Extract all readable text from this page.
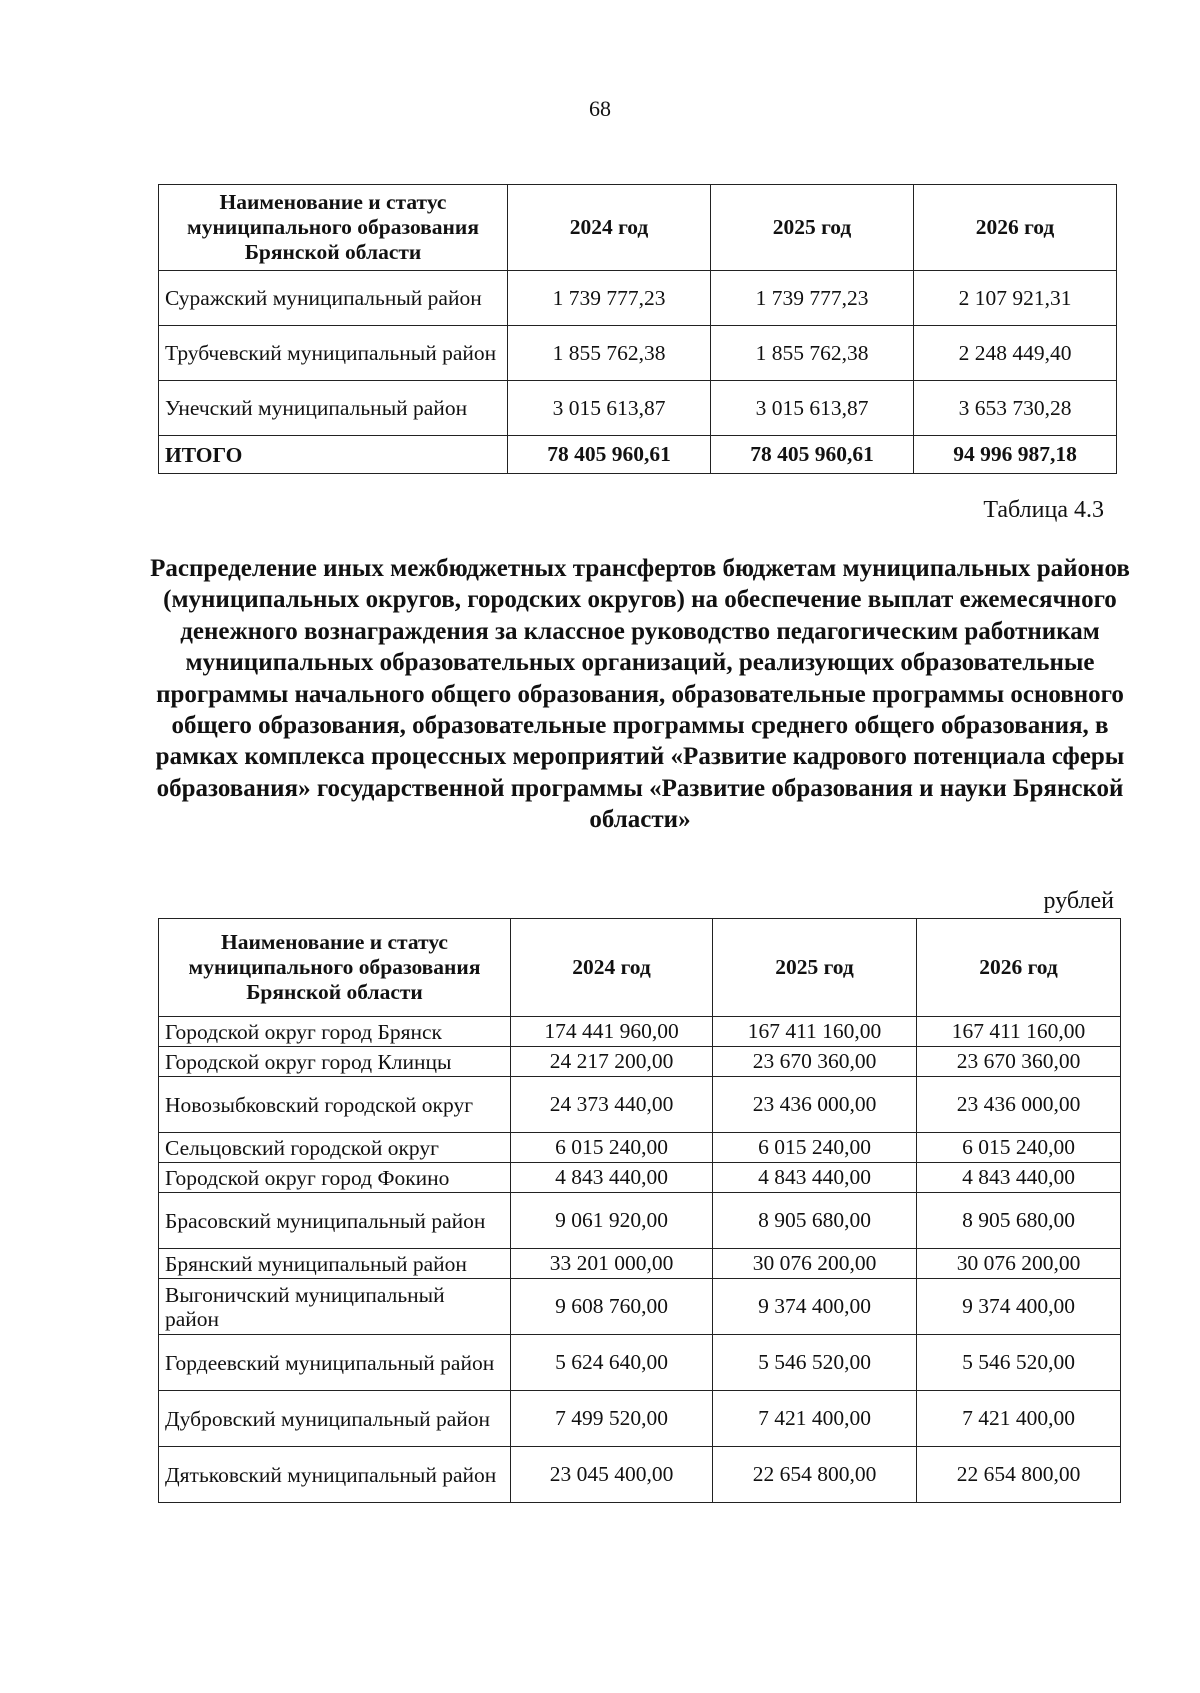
68
Наименование и статус муниципального образования Брянской области	2024 год	2025 год	2026 год
Суражский муниципальный район	1 739 777,23	1 739 777,23	2 107 921,31
Трубчевский муниципальный район	1 855 762,38	1 855 762,38	2 248 449,40
Унечский муниципальный район	3 015 613,87	3 015 613,87	3 653 730,28
ИТОГО	78 405 960,61	78 405 960,61	94 996 987,18
Таблица 4.3
Распределение иных межбюджетных трансфертов бюджетам муниципальных районов (муниципальных округов, городских округов) на обеспечение выплат ежемесячного денежного вознаграждения за классное руководство педагогическим работникам муниципальных образовательных организаций, реализующих образовательные программы начального общего образования, образовательные программы основного общего образования, образовательные программы среднего общего образования, в рамках комплекса процессных мероприятий «Развитие кадрового потенциала сферы образования» государственной программы «Развитие образования и науки Брянской области»
рублей
Наименование и статус муниципального образования Брянской области	2024 год	2025 год	2026 год
Городской округ город Брянск	174 441 960,00	167 411 160,00	167 411 160,00
Городской округ город Клинцы	24 217 200,00	23 670 360,00	23 670 360,00
Новозыбковский городской округ	24 373 440,00	23 436 000,00	23 436 000,00
Сельцовский городской округ	6 015 240,00	6 015 240,00	6 015 240,00
Городской округ город Фокино	4 843 440,00	4 843 440,00	4 843 440,00
Брасовский муниципальный район	9 061 920,00	8 905 680,00	8 905 680,00
Брянский муниципальный район	33 201 000,00	30 076 200,00	30 076 200,00
Выгоничский муниципальный район	9 608 760,00	9 374 400,00	9 374 400,00
Гордеевский муниципальный район	5 624 640,00	5 546 520,00	5 546 520,00
Дубровский муниципальный район	7 499 520,00	7 421 400,00	7 421 400,00
Дятьковский муниципальный район	23 045 400,00	22 654 800,00	22 654 800,00
